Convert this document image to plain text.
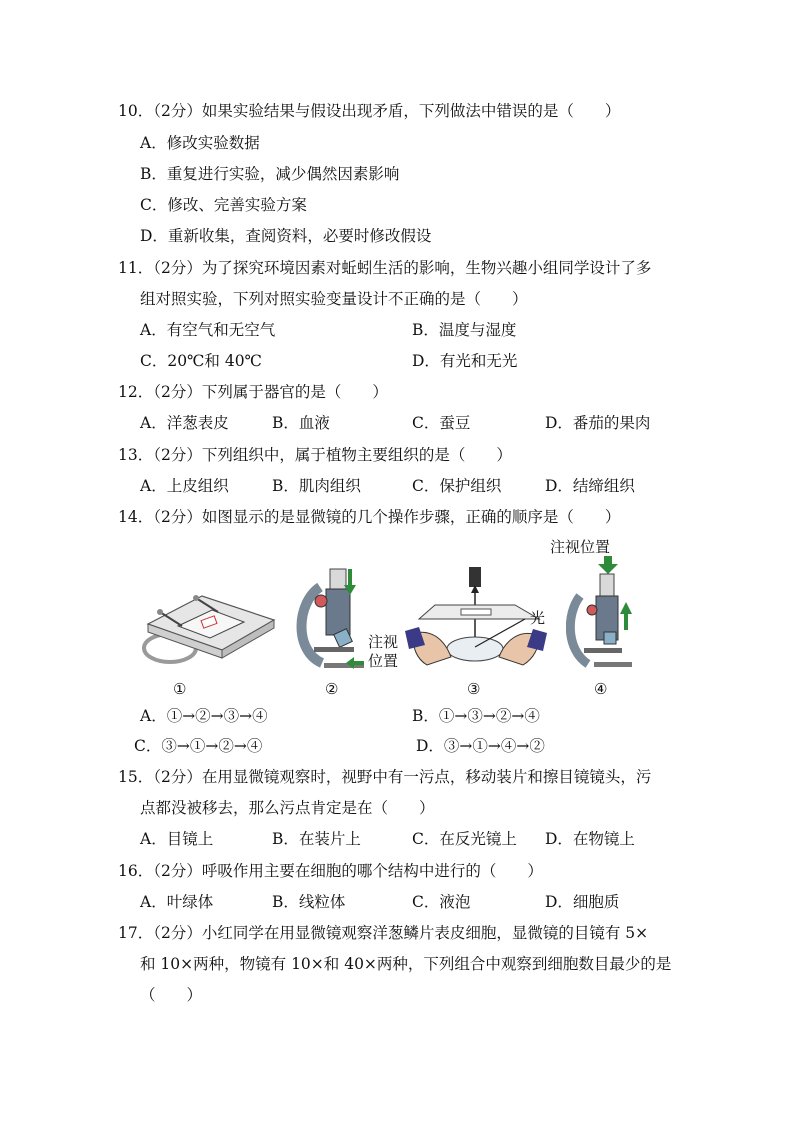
10．（2分）如果实验结果与假设出现矛盾，下列做法中错误的是（　　）
A．修改实验数据
B．重复进行实验，减少偶然因素影响
C．修改、完善实验方案
D．重新收集，查阅资料，必要时修改假设
11．（2分）为了探究环境因素对蚯蚓生活的影响，生物兴趣小组同学设计了多
组对照实验，下列对照实验变量设计不正确的是（　　）
A．有空气和无空气	B．温度与湿度
C．20℃和 40℃	D．有光和无光
12．（2分）下列属于器官的是（　　）
A．洋葱表皮	B．血液	C．蚕豆	D．番茄的果肉
13．（2分）下列组织中，属于植物主要组织的是（　　）
A．上皮组织	B．肌肉组织	C．保护组织	D．结缔组织
14．（2分）如图显示的是显微镜的几个操作步骤，正确的顺序是（　　）
注视
位置
光
注视位置
①	②	③	④
A．①→②→③→④	B．①→③→②→④
C．③→①→②→④	D．③→①→④→②
15．（2分）在用显微镜观察时，视野中有一污点，移动装片和擦目镜镜头，污
点都没被移去，那么污点肯定是在（　　）
A．目镜上	B．在装片上	C．在反光镜上 D．在物镜上
16．（2分）呼吸作用主要在细胞的哪个结构中进行的（　　）
A．叶绿体	B．线粒体	C．液泡	D．细胞质
17．（2分）小红同学在用显微镜观察洋葱鳞片表皮细胞，显微镜的目镜有 5×
和 10×两种，物镜有 10×和 40×两种，下列组合中观察到细胞数目最少的是
（　　）
